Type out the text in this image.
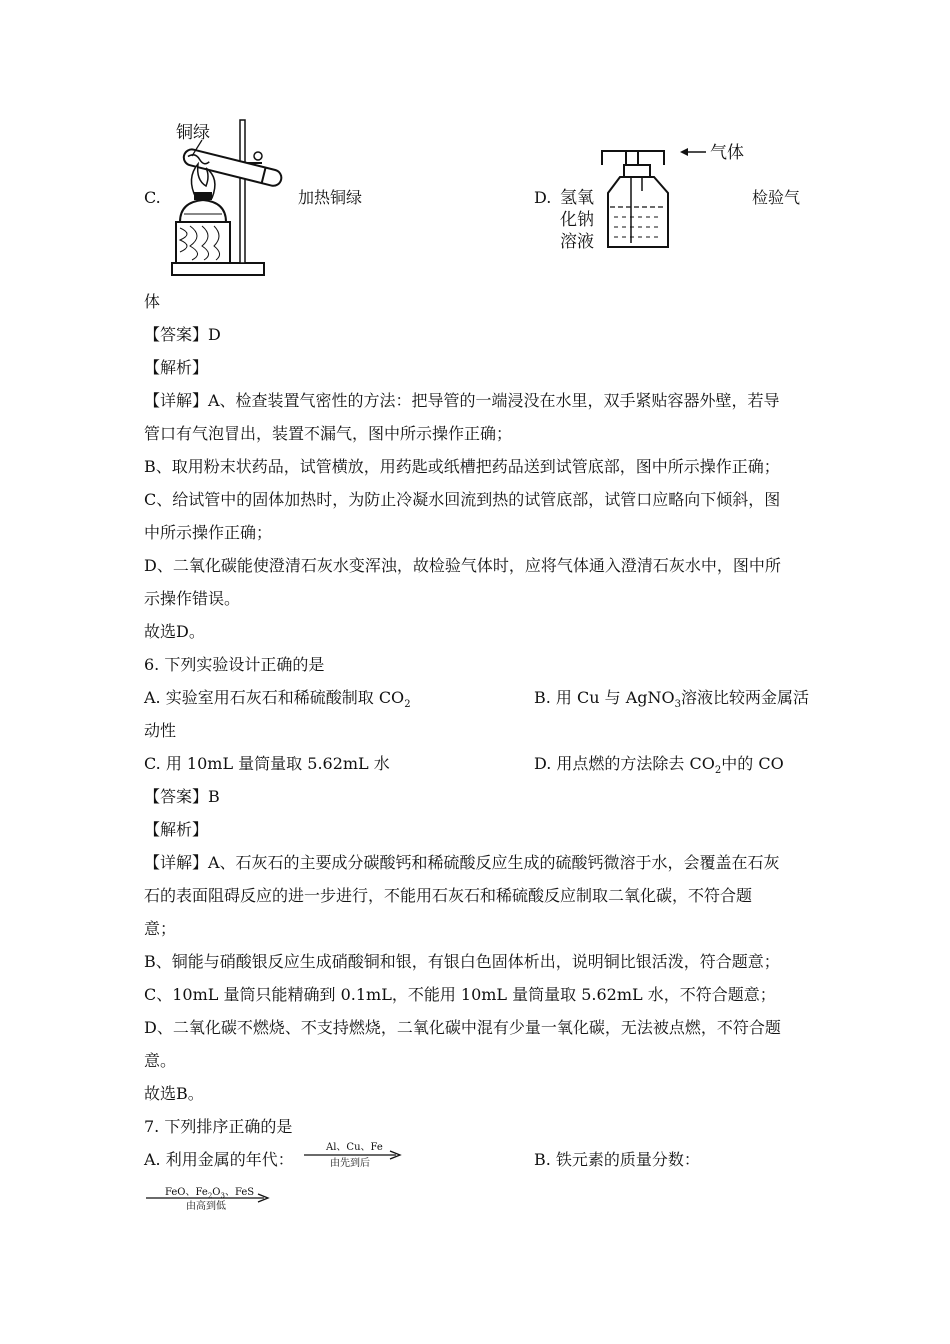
C.
铜绿
加热铜绿	D.
气体
氢氧
化钠
溶液
检验气
体
【答案】D
【解析】
【详解】A、检查装置气密性的方法：把导管的一端浸没在水里，双手紧贴容器外壁，若导
管口有气泡冒出，装置不漏气，图中所示操作正确；
B、取用粉末状药品，试管横放，用药匙或纸槽把药品送到试管底部，图中所示操作正确；
C、给试管中的固体加热时，为防止冷凝水回流到热的试管底部，试管口应略向下倾斜，图
中所示操作正确；
D、二氧化碳能使澄清石灰水变浑浊，故检验气体时，应将气体通入澄清石灰水中，图中所
示操作错误。
故选D。
6. 下列实验设计正确的是
A. 实验室用石灰石和稀硫酸制取 $CO_2$	B. 用 Cu 与 AgNO$_3$溶液比较两金属活
动性
C. 用 10mL 量筒量取 5.62mL 水	D. 用点燃的方法除去 $CO_2$中的 CO
【答案】B
【解析】
【详解】A、石灰石的主要成分碳酸钙和稀硫酸反应生成的硫酸钙微溶于水，会覆盖在石灰
石的表面阻碍反应的进一步进行，不能用石灰石和稀硫酸反应制取二氧化碳，不符合题
意；
B、铜能与硝酸银反应生成硝酸铜和银，有银白色固体析出，说明铜比银活泼，符合题意；
C、10mL 量筒只能精确到 0.1mL，不能用 10mL 量筒量取 5.62mL 水，不符合题意；
D、二氧化碳不燃烧、不支持燃烧，二氧化碳中混有少量一氧化碳，无法被点燃，不符合题
意。
故选B。
7. 下列排序正确的是
A. 利用金属的年代：
Al、Cu、Fe
由先到后	B. 铁元素的质量分数：
FeO、$Fe_2O_3$、FeS
由高到低
